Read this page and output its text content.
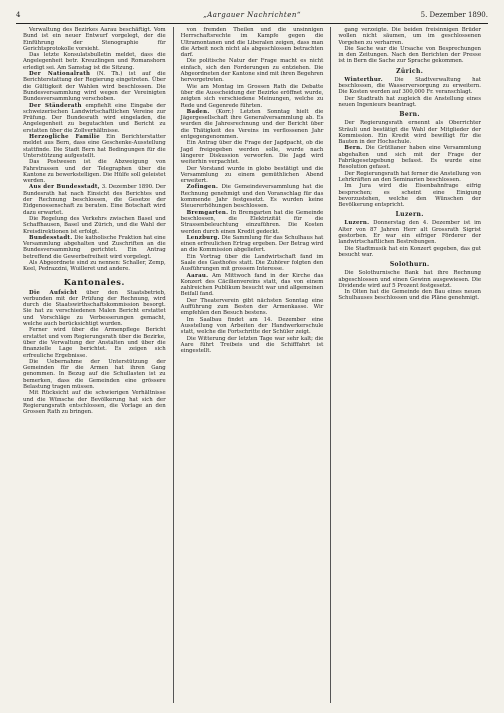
4	„Aargauer Nachrichten“	5. Dezember 1890.

Verwaltung des Bezirkes Aarau beschäftigt. Vom Bund ist ein neuer Entwurf vorgelegt, der die Einführung der Stenographie für Gerichtsprotokolle vorsieht.

Das letzte Konsulatsbulletin meldet, dass die Angelegenheit betr. Kreuzlingen und Romanshorn erledigt sei. Am Samstag ist die Sitzung.

Der Nationalrath (N. Th.) ist auf die Berichterstattung der Regierung eingetreten. Über die Gültigkeit der Wahlen wird beschlossen. Die Bundesversammlung wird wegen der Vereinigten Bundesversammlung verschoben.

Der Ständerath empfiehlt eine Eingabe der schweizerischen Landwirtschaftlichen Vereine zur Prüfung. Der Bundesrath wird eingeladen, die Angelegenheit zu begutachten und Bericht zu erstatten über die Zollverhältnisse.

Herzogliche Familie Ein Berichterstatter meldet aus Bern, dass eine Geschenke-Ausstellung stattfinde. Die Stadt Bern hat Bedingungen für die Unterstützung aufgestellt.

Das Postwesen ist die Abzweigung von Fahrstrassen und der Telegraphen über die Kantone zu bewerkstelligen. Die Hülfe soll geleistet werden.

Aus der Bundesstadt, 3. Dezember 1890. Der Bundesrath hat nach Einsicht des Berichtes und der Rechnung beschlossen, die Gesetze der Eidgenossenschaft zu beraten. Eine Botschaft wird dazu erwartet.

Die Regelung des Verkehrs zwischen Basel und Schaffhausen, Basel und Zürich, und die Wahl der Kreisdirektionen ist erfolgt.

Bundesstadt. Die katholische Fraktion hat eine Versammlung abgehalten und Zuschriften an die Bundesversammlung gerichtet. Ein Antrag betreffend die Gewerbefreiheit wird vorgelegt.

Als Abgeordnete sind zu nennen: Schaller, Zemp, Keel, Pedrazzini, Wuilleret und andere.

Kantonales.

Die Aufsicht über den Staatsbetrieb, verbunden mit der Prüfung der Rechnung, wird durch die Staatswirthschaftskommission besorgt. Sie hat zu verschiedenen Malen Bericht erstattet und Vorschläge zu Verbesserungen gemacht, welche auch berücksichtigt wurden.

Ferner wird über die Armenpflege Bericht erstattet und vom Regierungsrath über die Bezirke, über die Verwaltung der Anstalten und über die finanzielle Lage berichtet. Es zeigen sich erfreuliche Ergebnisse.

Die Uebernahme der Unterstützung der Gemeinden für die Armen hat ihren Gang genommen. In Bezug auf die Schullasten ist zu bemerken, dass die Gemeinden eine grössere Belastung tragen müssen.

Mit Rücksicht auf die schwierigen Verhältnisse und die Wünsche der Bevölkerung hat sich der Regierungsrath entschlossen, die Vorlage an den Grossen Rath zu bringen.

von fremden Theilen und die unsinnigen Herrschaftsrechte im Kampfe gegen die Ultramontanen und die Liberalen zeigen, dass man die Arbeit noch nicht als abgeschlossen betrachten darf.

Die politische Natur der Frage macht es nicht einfach, sich den Forderungen zu entziehen. Die Abgeordneten der Kantone sind mit ihren Begehren hervorgetreten.

Wie am Montag im Grossen Rath die Debatte über die Ausscheidung der Bezirke eröffnet wurde, zeigten sich verschiedene Meinungen, welche zu Rede und Gegenrede führten.

Baden. (Korr.) Letzten Sonntag hielt die Jägergesellschaft ihre Generalversammlung ab. Es wurden die Jahresrechnung und der Bericht über die Thätigkeit des Vereins im verflossenen Jahr entgegengenommen.

Ein Antrag über die Frage der Jagdpacht, ob die Jagd freigegeben werden solle, wurde nach längerer Diskussion verworfen. Die Jagd wird weiterhin verpachtet.

Der Vorstand wurde in globo bestätigt und die Versammlung zu einem gemüthlichen Abend erweitert.

Zofingen. Die Gemeindeversammlung hat die Rechnung genehmigt und den Voranschlag für das kommende Jahr festgesetzt. Es wurden keine Steuererhöhungen beschlossen.

Bremgarten. In Bremgarten hat die Gemeinde beschlossen, die Elektrizität für die Strassenbeleuchtung einzuführen. Die Kosten werden durch einen Kredit gedeckt.

Lenzburg. Die Sammlung für das Schulhaus hat einen erfreulichen Ertrag ergeben. Der Betrag wird an die Kommission abgeliefert.

Ein Vortrag über die Landwirtschaft fand im Saale des Gasthofes statt. Die Zuhörer folgten den Ausführungen mit grossem Interesse.

Aarau. Am Mittwoch fand in der Kirche das Konzert des Cäcilienvereins statt, das von einem zahlreichen Publikum besucht war und allgemeinen Beifall fand.

Der Theaterverein gibt nächsten Sonntag eine Aufführung zum Besten der Armenkasse. Wir empfehlen den Besuch bestens.

Im Saalbau findet am 14. Dezember eine Ausstellung von Arbeiten der Handwerkerschule statt, welche die Fortschritte der Schüler zeigt.

Die Witterung der letzten Tage war sehr kalt; die Aare führt Treibeis und die Schifffahrt ist eingestellt.

gang verzeigte. Die beiden freisinnigen Brüder wollen nicht säumen, um im geschlossenen Vorgehen zu verharren.

Die Sache war die Ursache von Besprechungen in den Zeitungen. Nach den Berichten der Presse ist in Bern die Sache zur Sprache gekommen.

Zürich.

Winterthur. Die Stadtverwaltung hat beschlossen, die Wasserversorgung zu erweitern. Die Kosten werden auf 300,000 Fr. veranschlagt.

Der Stadtrath hat zugleich die Anstellung eines neuen Ingenieurs beantragt.

Bern.

Der Regierungsrath ernennt als Oberrichter Sträuli und bestätigt die Wahl der Mitglieder der Kommission. Ein Kredit wird bewilligt für die Bauten in der Hochschule.

Bern. Die Grütlianer haben eine Versammlung abgehalten und sich mit der Frage der Fabrikgesetzgebung befasst. Es wurde eine Resolution gefasst.

Der Regierungsrath hat ferner die Anstellung von Lehrkräften an den Seminarien beschlossen.

Im Jura wird die Eisenbahnfrage eifrig besprochen; es scheint eine Einigung bevorzustehen, welche den Wünschen der Bevölkerung entspricht.

Luzern.

Luzern. Donnerstag den 4. Dezember ist im Alter von 87 Jahren Herr alt Grossrath Sigrist gestorben. Er war ein eifriger Förderer der landwirtschaftlichen Bestrebungen.

Die Stadtmusik hat ein Konzert gegeben, das gut besucht war.

Solothurn.

Die Solothurnische Bank hat ihre Rechnung abgeschlossen und einen Gewinn ausgewiesen. Die Dividende wird auf 5 Prozent festgesetzt.

In Olten hat die Gemeinde den Bau eines neuen Schulhauses beschlossen und die Pläne genehmigt.
